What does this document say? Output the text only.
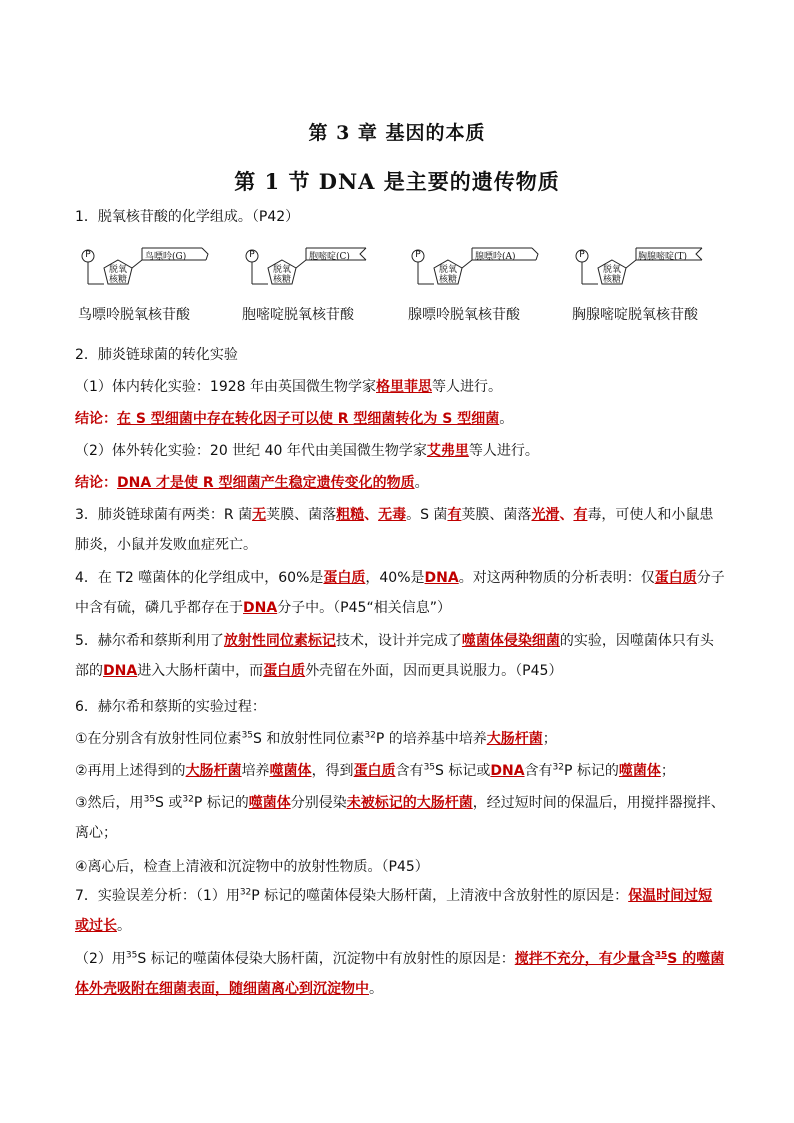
第 3 章 基因的本质
第 1 节 DNA 是主要的遗传物质
1．脱氧核苷酸的化学组成。（P42）
P
脱氧
核糖
鸟嘌呤(G)
鸟嘌呤脱氧核苷酸
P
脱氧
核糖
胞嘧啶(C)
胞嘧啶脱氧核苷酸
P
脱氧
核糖
腺嘌呤(A)
腺嘌呤脱氧核苷酸
P
脱氧
核糖
胸腺嘧啶(T)
胸腺嘧啶脱氧核苷酸
2．肺炎链球菌的转化实验
（1）体内转化实验：1928 年由英国微生物学家格里菲思等人进行。
结论：在 S 型细菌中存在转化因子可以使 R 型细菌转化为 S 型细菌。
（2）体外转化实验：20 世纪 40 年代由美国微生物学家艾弗里等人进行。
结论：DNA 才是使 R 型细菌产生稳定遗传变化的物质。
3．肺炎链球菌有两类：R 菌无荚膜、菌落粗糙、无毒。S 菌有荚膜、菌落光滑、有毒，可使人和小鼠患肺炎，小鼠并发败血症死亡。
4．在 T2 噬菌体的化学组成中，60%是蛋白质，40%是DNA。对这两种物质的分析表明：仅蛋白质分子中含有硫，磷几乎都存在于DNA分子中。（P45“相关信息”）
5．赫尔希和蔡斯利用了放射性同位素标记技术，设计并完成了噬菌体侵染细菌的实验，因噬菌体只有头部的DNA进入大肠杆菌中，而蛋白质外壳留在外面，因而更具说服力。（P45）
6．赫尔希和蔡斯的实验过程：
①在分别含有放射性同位素$^{35}$S 和放射性同位素$^{32}$P 的培养基中培养大肠杆菌；
②再用上述得到的大肠杆菌培养噬菌体，得到蛋白质含有$^{35}$S 标记或DNA含有$^{32}$P 标记的噬菌体；
③然后，用$^{35}$S 或$^{32}$P 标记的噬菌体分别侵染未被标记的大肠杆菌，经过短时间的保温后，用搅拌器搅拌、离心；
④离心后，检查上清液和沉淀物中的放射性物质。（P45）
7．实验误差分析：（1）用$^{32}$P 标记的噬菌体侵染大肠杆菌，上清液中含放射性的原因是：保温时间过短或过长。
（2）用$^{35}$S 标记的噬菌体侵染大肠杆菌，沉淀物中有放射性的原因是：搅拌不充分，有少量含$^{35}$S 的噬菌体外壳吸附在细菌表面，随细菌离心到沉淀物中。
